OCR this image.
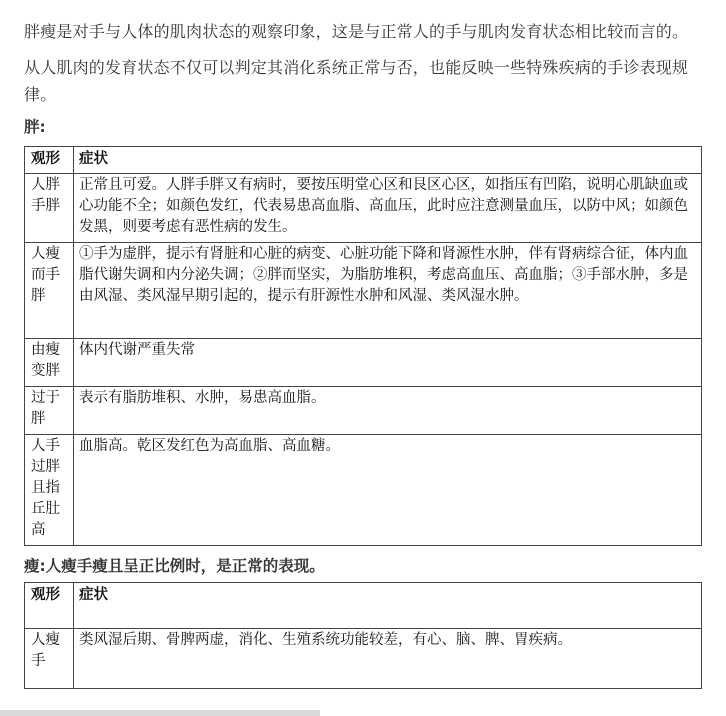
胖瘦是对手与人体的肌肉状态的观察印象，这是与正常人的手与肌肉发育状态相比较而言的。

从人肌肉的发育状态不仅可以判定其消化系统正常与否，也能反映一些特殊疾病的手诊表现规律。

胖:
观形	症状
人胖手胖	正常且可爱。人胖手胖又有病时，要按压明堂心区和艮区心区，如指压有凹陷，说明心肌缺血或心功能不全；如颜色发红，代表易患高血脂、高血压，此时应注意测量血压，以防中风；如颜色发黑，则要考虑有恶性病的发生。
人瘦而手胖	①手为虚胖，提示有肾脏和心脏的病变、心脏功能下降和肾源性水肿，伴有肾病综合征，体内血脂代谢失调和内分泌失调；②胖而坚实，为脂肪堆积，考虑高血压、高血脂；③手部水肿，多是由风湿、类风湿早期引起的，提示有肝源性水肿和风湿、类风湿水肿。
由瘦变胖	体内代谢严重失常
过于胖	表示有脂肪堆积、水肿，易患高血脂。
人手过胖且指丘肚高	血脂高。乾区发红色为高血脂、高血糖。
瘦:人瘦手瘦且呈正比例时，是正常的表现。
观形	症状
人瘦手	类风湿后期、骨脾两虚，消化、生殖系统功能较差，有心、脑、脾、胃疾病。
